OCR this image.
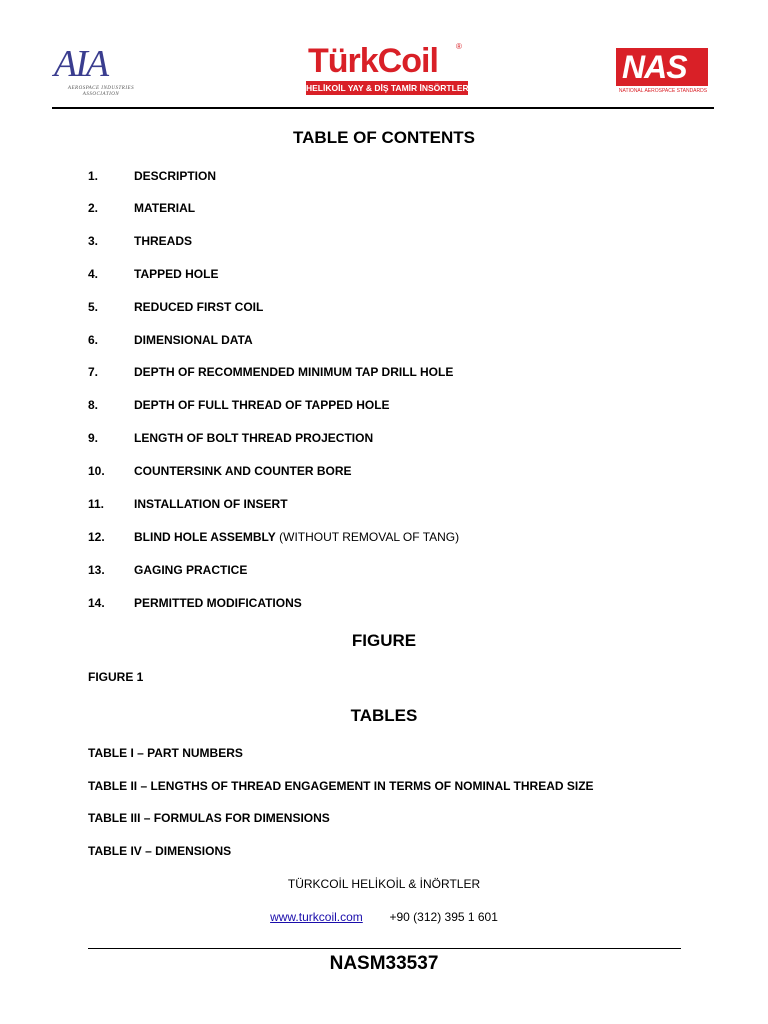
AIA
AEROSPACE INDUSTRIES ASSOCIATION
TürkCoil ®
HELİKOİL YAY & DİŞ TAMİR İNSÖRTLERİ
NAS
NATIONAL AEROSPACE STANDARDS
TABLE OF CONTENTS
1.	DESCRIPTION
2.	MATERIAL
3.	THREADS
4.	TAPPED HOLE
5.	REDUCED FIRST COIL
6.	DIMENSIONAL DATA
7.	DEPTH OF RECOMMENDED MINIMUM TAP DRILL HOLE
8.	DEPTH OF FULL THREAD OF TAPPED HOLE
9.	LENGTH OF BOLT THREAD PROJECTION
10. COUNTERSINK AND COUNTER BORE
11. INSTALLATION OF INSERT
12. BLIND HOLE ASSEMBLY (WITHOUT REMOVAL OF TANG)
13. GAGING PRACTICE
14. PERMITTED MODIFICATIONS
FIGURE
FIGURE 1
TABLES
TABLE I – PART NUMBERS
TABLE II – LENGTHS OF THREAD ENGAGEMENT IN TERMS OF NOMINAL THREAD SIZE
TABLE III – FORMULAS FOR DIMENSIONS
TABLE IV – DIMENSIONS
TÜRKCOİL HELİKOİL & İNÖRTLER
www.turkcoil.com +90 (312) 395 1 601
NASM33537
